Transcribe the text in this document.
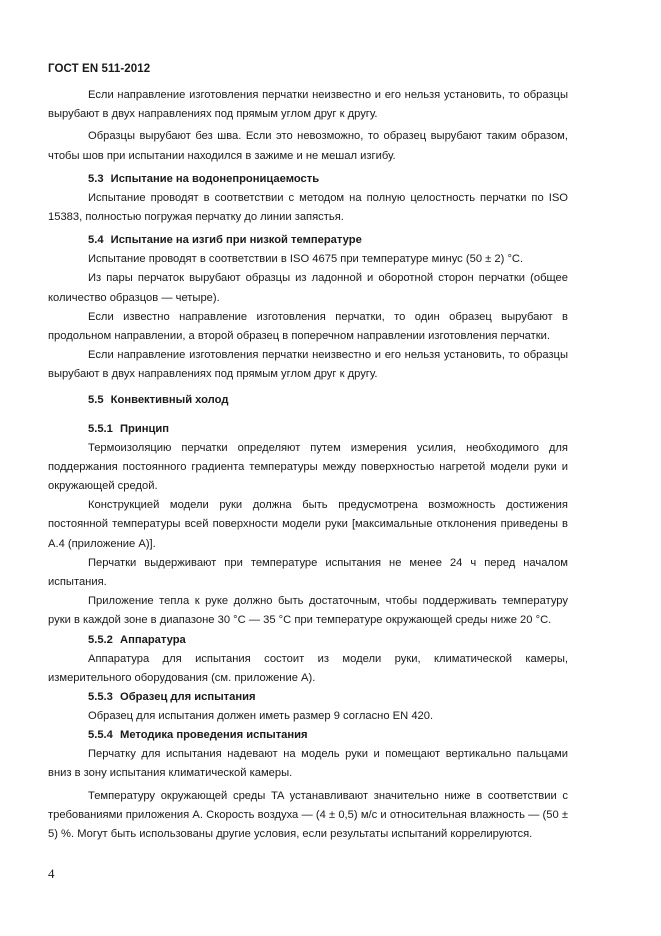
ГОСТ EN 511-2012

Если направление изготовления перчатки неизвестно и его нельзя установить, то образцы вырубают в двух направлениях под прямым углом друг к другу.

Образцы вырубают без шва. Если это невозможно, то образец вырубают таким образом, чтобы шов при испытании находился в зажиме и не мешал изгибу.

5.3 Испытание на водонепроницаемость

Испытание проводят в соответствии с методом на полную целостность перчатки по ISO 15383, полностью погружая перчатку до линии запястья.

5.4 Испытание на изгиб при низкой температуре

Испытание проводят в соответствии в ISO 4675 при температуре минус (50 ± 2) °С.

Из пары перчаток вырубают образцы из ладонной и оборотной сторон перчатки (общее количество образцов — четыре).

Если известно направление изготовления перчатки, то один образец вырубают в продольном направлении, а второй образец в поперечном направлении изготовления перчатки.

Если направление изготовления перчатки неизвестно и его нельзя установить, то образцы вырубают в двух направлениях под прямым углом друг к другу.

5.5 Конвективный холод
5.5.1 Принцип

Термоизоляцию перчатки определяют путем измерения усилия, необходимого для поддержания постоянного градиента температуры между поверхностью нагретой модели руки и окружающей средой.

Конструкцией модели руки должна быть предусмотрена возможность достижения постоянной температуры всей поверхности модели руки [максимальные отклонения приведены в А.4 (приложение А)].

Перчатки выдерживают при температуре испытания не менее 24 ч перед началом испытания.

Приложение тепла к руке должно быть достаточным, чтобы поддерживать температуру руки в каждой зоне в диапазоне 30 °С — 35 °С при температуре окружающей среды ниже 20 °С.

5.5.2 Аппаратура

Аппаратура для испытания состоит из модели руки, климатической камеры, измерительного оборудования (см. приложение А).

5.5.3 Образец для испытания

Образец для испытания должен иметь размер 9 согласно EN 420.

5.5.4 Методика проведения испытания

Перчатку для испытания надевают на модель руки и помещают вертикально пальцами вниз в зону испытания климатической камеры.

Температуру окружающей среды TA устанавливают значительно ниже в соответствии с требованиями приложения А. Скорость воздуха — (4 ± 0,5) м/с и относительная влажность — (50 ± 5) %. Могут быть использованы другие условия, если результаты испытаний коррелируются.

4
